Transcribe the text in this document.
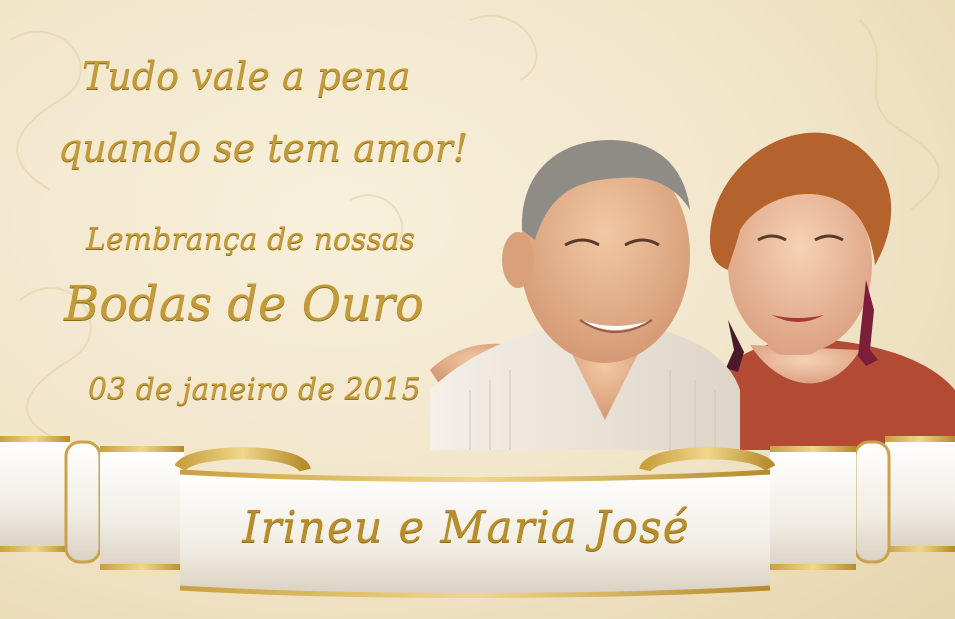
Tudo vale a pena
quando se tem amor!
Lembrança de nossas
Bodas de Ouro
03 de janeiro de 2015
Irineu e Maria José
